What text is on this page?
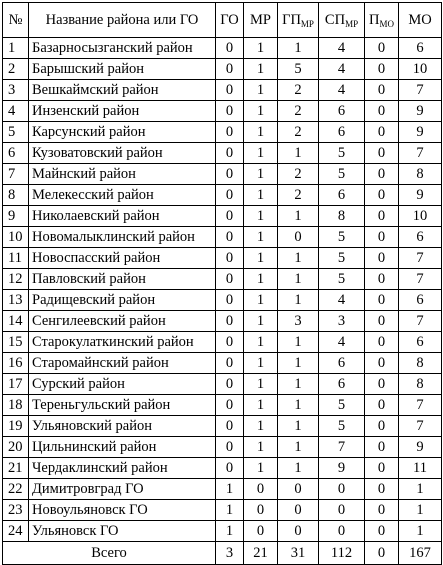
№	Название района или ГО	ГО	МР	$ГП_{МР}$	$СП_{МР}$	$П_{МО}$	МО
1	Базарносызганский район	0	1	1	4	0	6
2	Барышский район	0	1	5	4	0	10
3	Вешкаймский район	0	1	2	4	0	7
4	Инзенский район	0	1	2	6	0	9
5	Карсунский район	0	1	2	6	0	9
6	Кузоватовский район	0	1	1	5	0	7
7	Майнский район	0	1	2	5	0	8
8	Мелекесский район	0	1	2	6	0	9
9	Николаевский район	0	1	1	8	0	10
10	Новомалыклинский район	0	1	0	5	0	6
11	Новоспасский район	0	1	1	5	0	7
12	Павловский район	0	1	1	5	0	7
13	Радищевский район	0	1	1	4	0	6
14	Сенгилеевский район	0	1	3	3	0	7
15	Старокулаткинский район	0	1	1	4	0	6
16	Старомайнский район	0	1	1	6	0	8
17	Сурский район	0	1	1	6	0	8
18	Тереньгульский район	0	1	1	5	0	7
19	Ульяновский район	0	1	1	5	0	7
20	Цильнинский район	0	1	1	7	0	9
21	Чердаклинский район	0	1	1	9	0	11
22	Димитровград ГО	1	0	0	0	0	1
23	Новоульяновск ГО	1	0	0	0	0	1
24	Ульяновск ГО	1	0	0	0	0	1
Всего		3	21	31	112	0	167
